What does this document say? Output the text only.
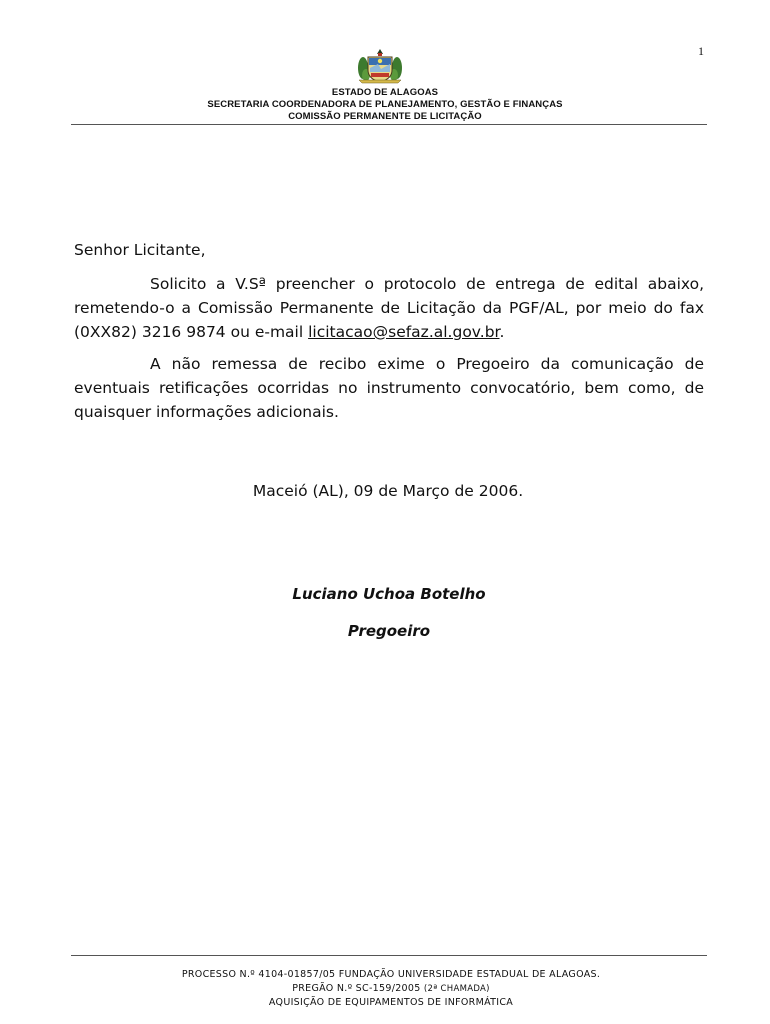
1
ESTADO DE ALAGOAS
SECRETARIA COORDENADORA DE PLANEJAMENTO, GESTÃO E FINANÇAS
COMISSÃO PERMANENTE DE LICITAÇÃO
Senhor Licitante,

Solicito a V.Sª preencher o protocolo de entrega de edital abaixo, remetendo-o a Comissão Permanente de Licitação da PGF/AL, por meio do fax (0XX82) 3216 9874 ou e-mail licitacao@sefaz.al.gov.br.

A não remessa de recibo exime o Pregoeiro da comunicação de eventuais retificações ocorridas no instrumento convocatório, bem como, de quaisquer informações adicionais.

Maceió (AL), 09 de Março de 2006.
Luciano Uchoa Botelho
Pregoeiro
PROCESSO N.º 4104-01857/05 FUNDAÇÃO UNIVERSIDADE ESTADUAL DE ALAGOAS.
PREGÃO N.º SC-159/2005 (2ª CHAMADA)
AQUISIÇÃO DE EQUIPAMENTOS DE INFORMÁTICA
